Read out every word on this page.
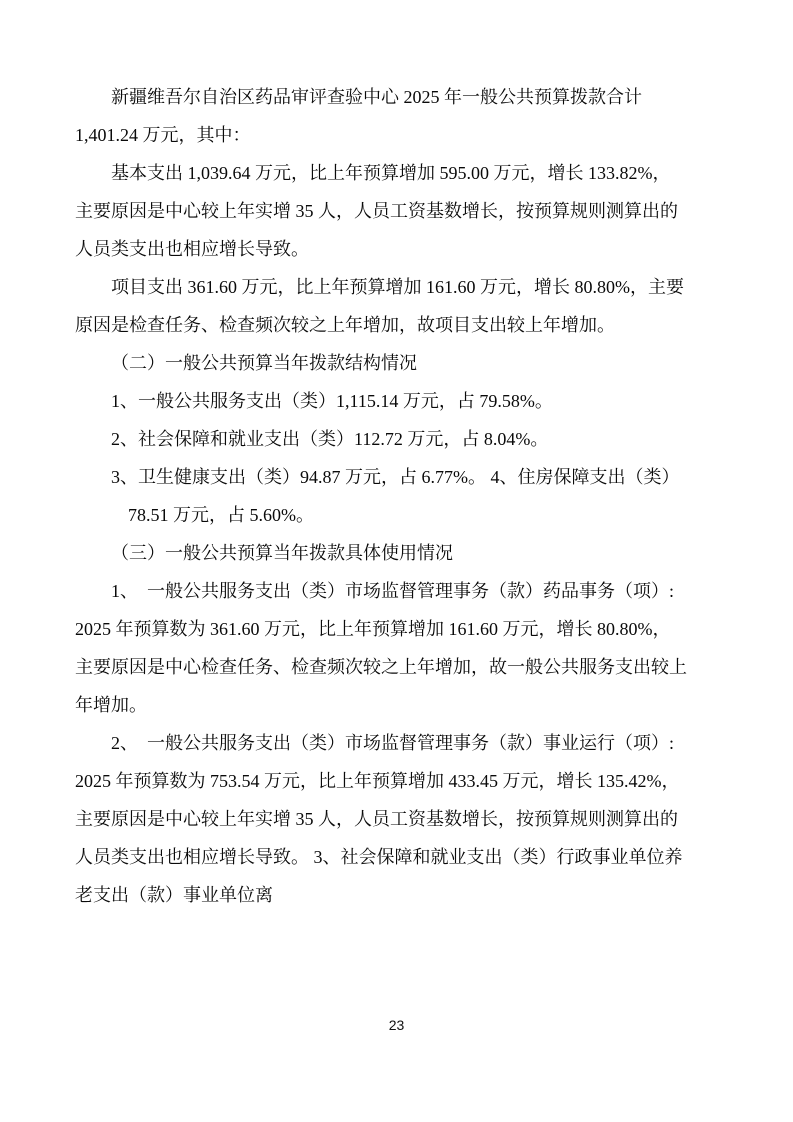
新疆维吾尔自治区药品审评查验中心 2025 年一般公共预算拨款合计
1,401.24 万元，其中：
基本支出 1,039.64 万元，比上年预算增加 595.00 万元，增长 133.82%，
主要原因是中心较上年实增 35 人，人员工资基数增长，按预算规则测算出的
人员类支出也相应增长导致。
项目支出 361.60 万元，比上年预算增加 161.60 万元，增长 80.80%，主要
原因是检查任务、检查频次较之上年增加，故项目支出较上年增加。
（二）一般公共预算当年拨款结构情况
1、一般公共服务支出（类）1,115.14 万元，占 79.58%。
2、社会保障和就业支出（类）112.72 万元，占 8.04%。
3、卫生健康支出（类）94.87 万元，占 6.77%。 4、住房保障支出（类）
78.51 万元，占 5.60%。
（三）一般公共预算当年拨款具体使用情况
1、  一般公共服务支出（类）市场监督管理事务（款）药品事务（项）:
2025 年预算数为 361.60 万元，比上年预算增加 161.60 万元，增长 80.80%，
主要原因是中心检查任务、检查频次较之上年增加，故一般公共服务支出较上
年增加。
2、  一般公共服务支出（类）市场监督管理事务（款）事业运行（项）:
2025 年预算数为 753.54 万元，比上年预算增加 433.45 万元，增长 135.42%，
主要原因是中心较上年实增 35 人，人员工资基数增长，按预算规则测算出的
人员类支出也相应增长导致。 3、社会保障和就业支出（类）行政事业单位养
老支出（款）事业单位离
23
